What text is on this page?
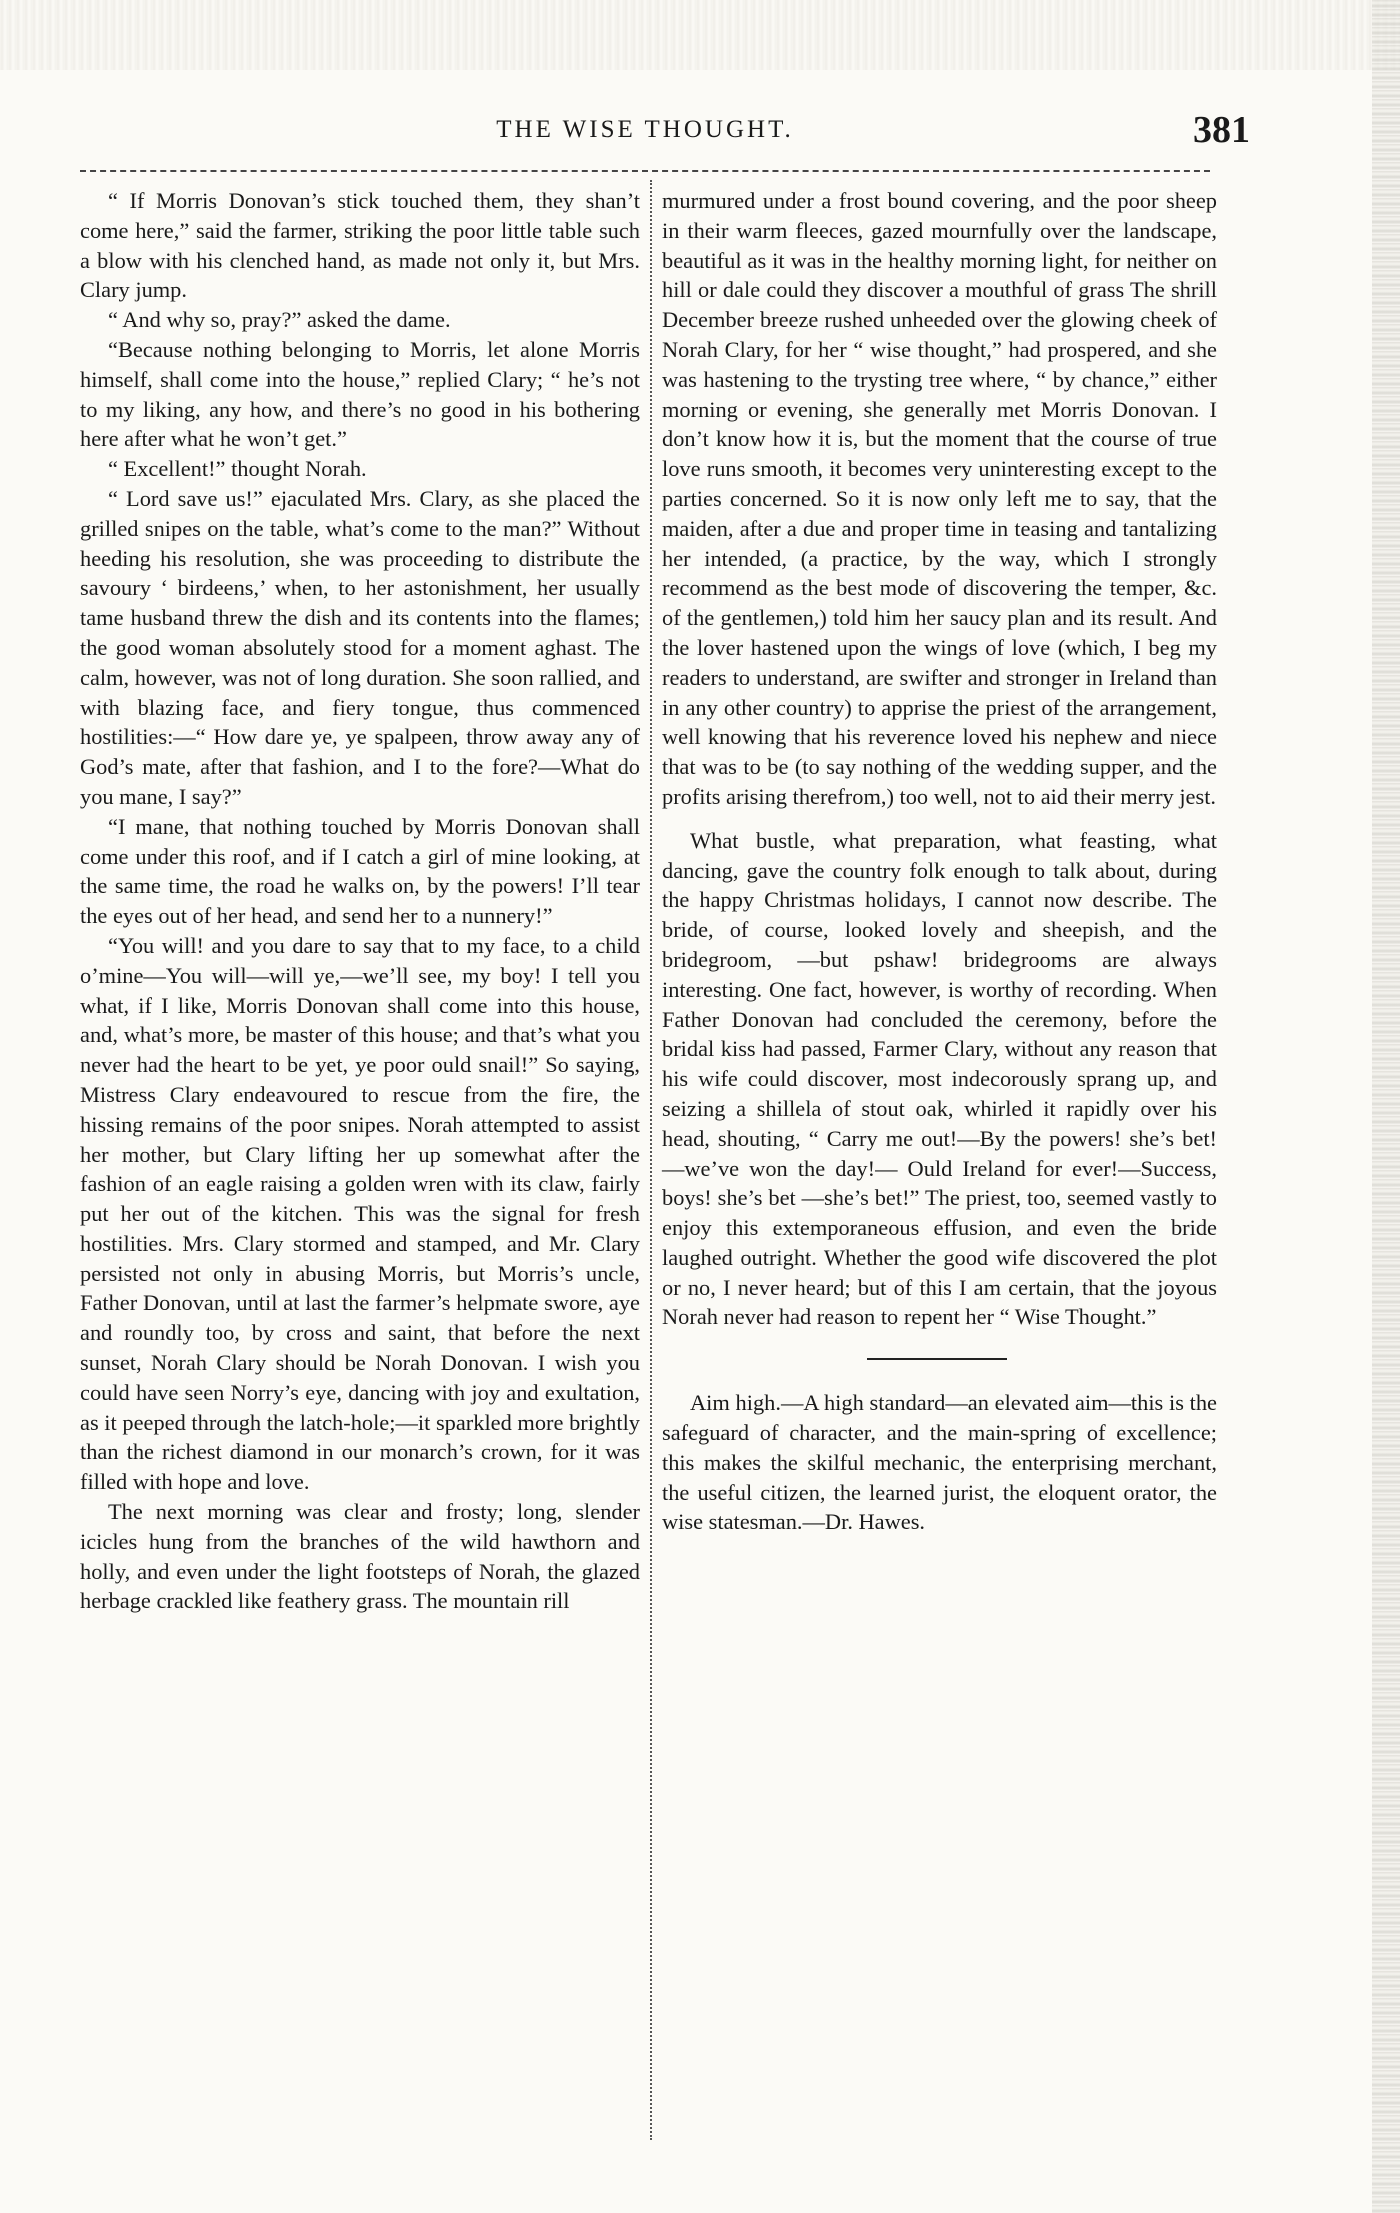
THE WISE THOUGHT.	381

“ If Morris Donovan’s stick touched them, they shan’t come here,” said the farmer, striking the poor little table such a blow with his clenched hand, as made not only it, but Mrs. Clary jump.

“ And why so, pray?” asked the dame.

“Because nothing belonging to Morris, let alone Morris himself, shall come into the house,” replied Clary; “ he’s not to my liking, any how, and there’s no good in his bothering here after what he won’t get.”

“ Excellent!” thought Norah.

“ Lord save us!” ejaculated Mrs. Clary, as she placed the grilled snipes on the table, what’s come to the man?” Without heeding his resolution, she was proceeding to distribute the savoury ‘ birdeens,’ when, to her astonishment, her usually tame husband threw the dish and its contents into the flames; the good woman absolutely stood for a moment aghast. The calm, however, was not of long duration. She soon rallied, and with blazing face, and fiery tongue, thus commenced hostilities:—“ How dare ye, ye spalpeen, throw away any of God’s mate, after that fashion, and I to the fore?—What do you mane, I say?”

“I mane, that nothing touched by Morris Donovan shall come under this roof, and if I catch a girl of mine looking, at the same time, the road he walks on, by the powers! I’ll tear the eyes out of her head, and send her to a nunnery!”

“You will! and you dare to say that to my face, to a child o’mine—You will—will ye,—we’ll see, my boy! I tell you what, if I like, Morris Donovan shall come into this house, and, what’s more, be master of this house; and that’s what you never had the heart to be yet, ye poor ould snail!” So saying, Mistress Clary endeavoured to rescue from the fire, the hissing remains of the poor snipes. Norah attempted to assist her mother, but Clary lifting her up somewhat after the fashion of an eagle raising a golden wren with its claw, fairly put her out of the kitchen. This was the signal for fresh hostilities. Mrs. Clary stormed and stamped, and Mr. Clary persisted not only in abusing Morris, but Morris’s uncle, Father Donovan, until at last the farmer’s helpmate swore, aye and roundly too, by cross and saint, that before the next sunset, Norah Clary should be Norah Donovan. I wish you could have seen Norry’s eye, dancing with joy and exultation, as it peeped through the latch-hole;—it sparkled more brightly than the richest diamond in our monarch’s crown, for it was filled with hope and love.

The next morning was clear and frosty; long, slender icicles hung from the branches of the wild hawthorn and holly, and even under the light footsteps of Norah, the glazed herbage crackled like feathery grass. The mountain rill

murmured under a frost bound covering, and the poor sheep in their warm fleeces, gazed mournfully over the landscape, beautiful as it was in the healthy morning light, for neither on hill or dale could they discover a mouthful of grass The shrill December breeze rushed unheeded over the glowing cheek of Norah Clary, for her “ wise thought,” had prospered, and she was hastening to the trysting tree where, “ by chance,” either morning or evening, she generally met Morris Donovan. I don’t know how it is, but the moment that the course of true love runs smooth, it becomes very uninteresting except to the parties concerned. So it is now only left me to say, that the maiden, after a due and proper time in teasing and tantalizing her intended, (a practice, by the way, which I strongly recommend as the best mode of discovering the temper, &c. of the gentlemen,) told him her saucy plan and its result. And the lover hastened upon the wings of love (which, I beg my readers to understand, are swifter and stronger in Ireland than in any other country) to apprise the priest of the arrangement, well knowing that his reverence loved his nephew and niece that was to be (to say nothing of the wedding supper, and the profits arising therefrom,) too well, not to aid their merry jest.

What bustle, what preparation, what feasting, what dancing, gave the country folk enough to talk about, during the happy Christmas holidays, I cannot now describe. The bride, of course, looked lovely and sheepish, and the bridegroom, —but pshaw! bridegrooms are always interesting. One fact, however, is worthy of recording. When Father Donovan had concluded the ceremony, before the bridal kiss had passed, Farmer Clary, without any reason that his wife could discover, most indecorously sprang up, and seizing a shillela of stout oak, whirled it rapidly over his head, shouting, “ Carry me out!—By the powers! she’s bet!—we’ve won the day!— Ould Ireland for ever!—Success, boys! she’s bet —she’s bet!” The priest, too, seemed vastly to enjoy this extemporaneous effusion, and even the bride laughed outright. Whether the good wife discovered the plot or no, I never heard; but of this I am certain, that the joyous Norah never had reason to repent her “ Wise Thought.”

Aim high.—A high standard—an elevated aim—this is the safeguard of character, and the main-spring of excellence; this makes the skilful mechanic, the enterprising merchant, the useful citizen, the learned jurist, the eloquent orator, the wise statesman.—Dr. Hawes.
